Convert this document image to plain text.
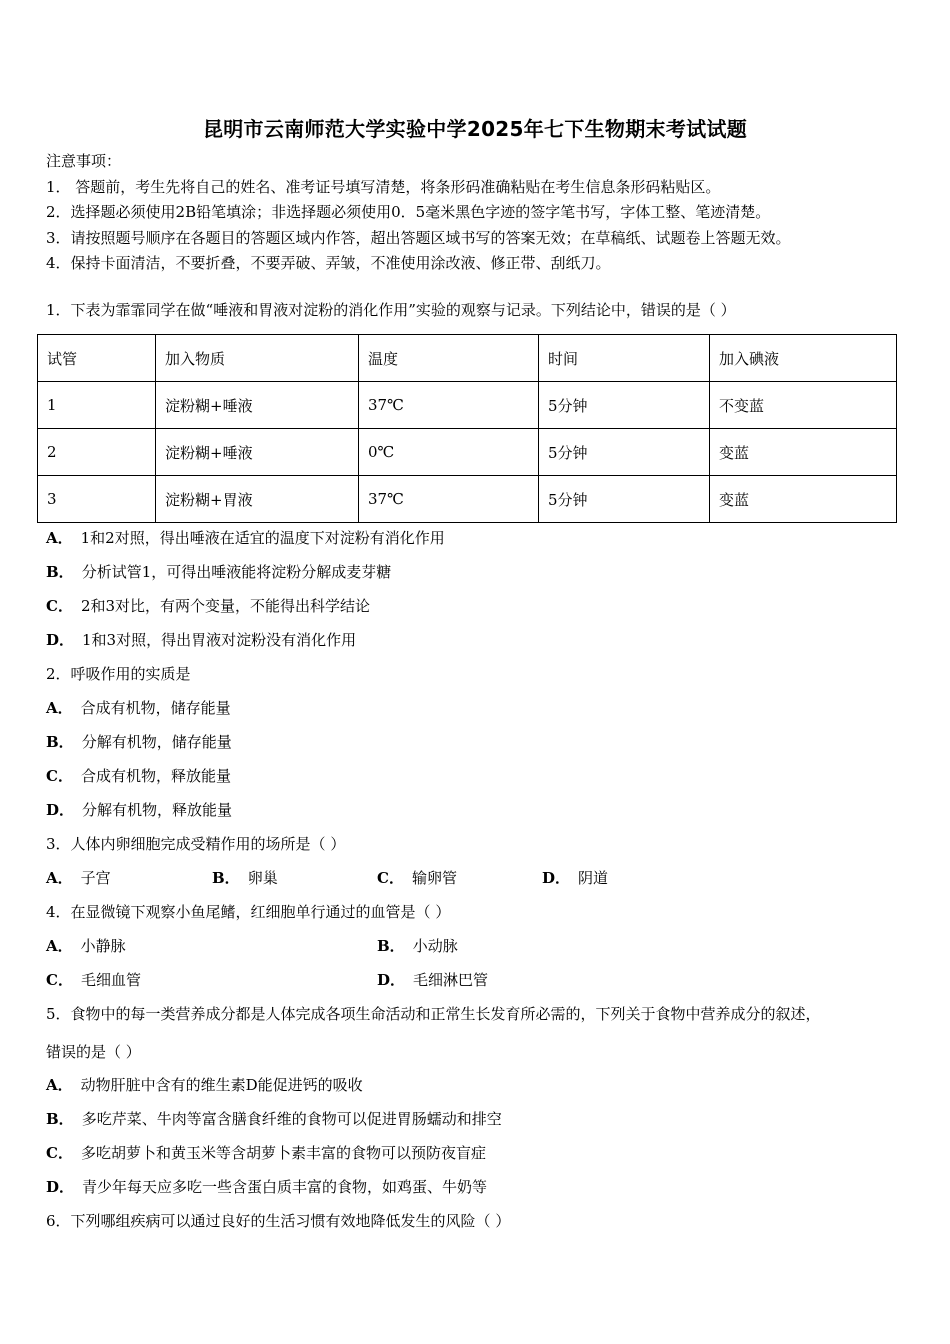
昆明市云南师范大学实验中学2025年七下生物期末考试试题
注意事项：
1． 答题前，考生先将自己的姓名、准考证号填写清楚，将条形码准确粘贴在考生信息条形码粘贴区。
2．选择题必须使用2B铅笔填涂；非选择题必须使用0．5毫米黑色字迹的签字笔书写，字体工整、笔迹清楚。
3．请按照题号顺序在各题目的答题区域内作答，超出答题区域书写的答案无效；在草稿纸、试题卷上答题无效。
4．保持卡面清洁，不要折叠，不要弄破、弄皱，不准使用涂改液、修正带、刮纸刀。
1．下表为霏霏同学在做“唾液和胃液对淀粉的消化作用”实验的观察与记录。下列结论中，错误的是（ ）
试管	加入物质	温度	时间	加入碘液
1	淀粉糊+唾液	37℃	5分钟	不变蓝
2	淀粉糊+唾液	0℃	5分钟	变蓝
3	淀粉糊+胃液	37℃	5分钟	变蓝
A． 1和2对照，得出唾液在适宜的温度下对淀粉有消化作用
B． 分析试管1，可得出唾液能将淀粉分解成麦芽糖
C． 2和3对比，有两个变量，不能得出科学结论
D． 1和3对照，得出胃液对淀粉没有消化作用
2．呼吸作用的实质是
A． 合成有机物，储存能量
B． 分解有机物，储存能量
C． 合成有机物，释放能量
D． 分解有机物，释放能量
3．人体内卵细胞完成受精作用的场所是（ ）
A． 子宫	B． 卵巢	C． 输卵管	D． 阴道
4．在显微镜下观察小鱼尾鳍，红细胞单行通过的血管是（ ）
A． 小静脉	B． 小动脉
C． 毛细血管	D． 毛细淋巴管
5．食物中的每一类营养成分都是人体完成各项生命活动和正常生长发育所必需的，下列关于食物中营养成分的叙述，
错误的是（ ）
A． 动物肝脏中含有的维生素D能促进钙的吸收
B． 多吃芹菜、牛肉等富含膳食纤维的食物可以促进胃肠蠕动和排空
C． 多吃胡萝卜和黄玉米等含胡萝卜素丰富的食物可以预防夜盲症
D． 青少年每天应多吃一些含蛋白质丰富的食物，如鸡蛋、牛奶等
6．下列哪组疾病可以通过良好的生活习惯有效地降低发生的风险（ ）
